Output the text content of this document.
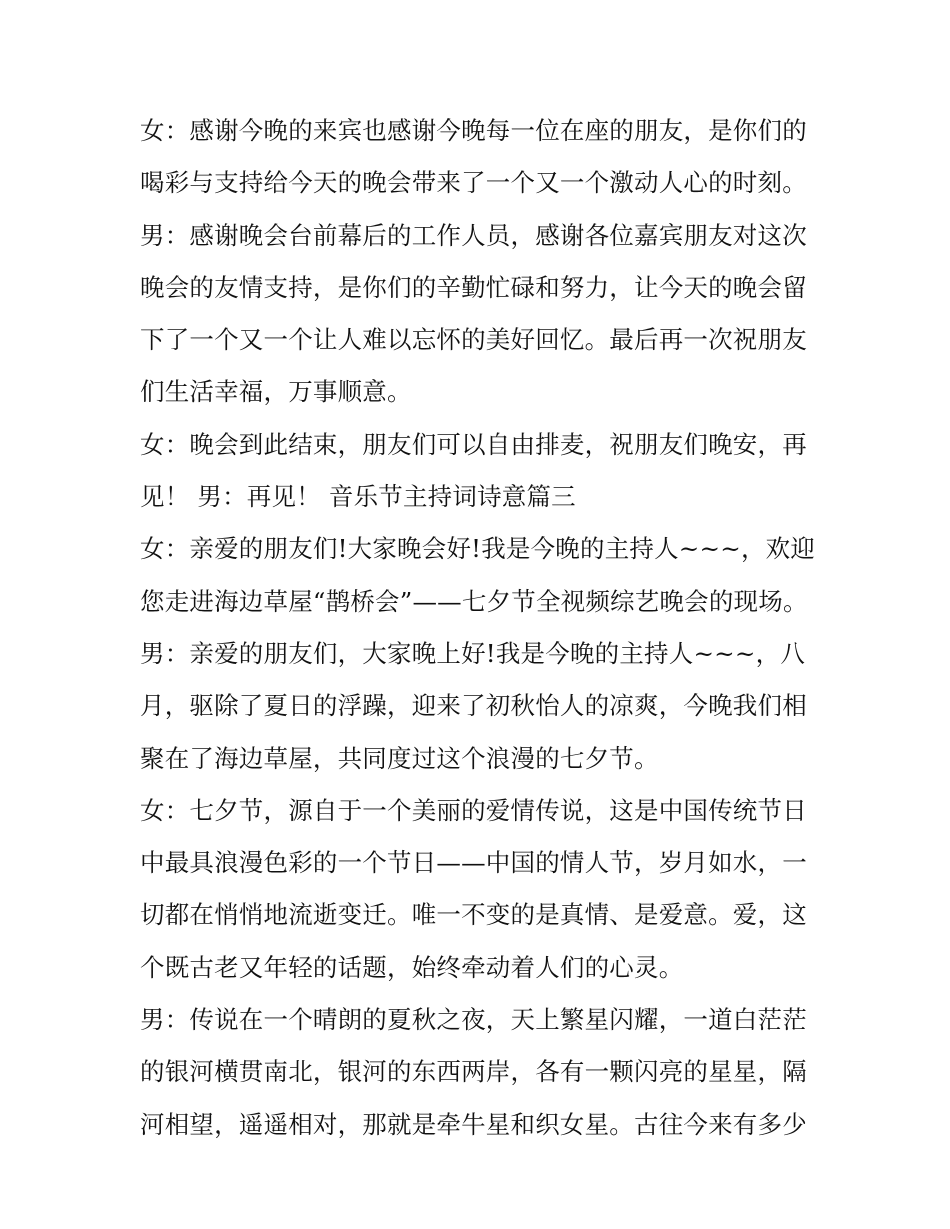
女：感谢今晚的来宾也感谢今晚每一位在座的朋友，是你们的
喝彩与支持给今天的晚会带来了一个又一个激动人心的时刻。
男：感谢晚会台前幕后的工作人员，感谢各位嘉宾朋友对这次
晚会的友情支持，是你们的辛勤忙碌和努力，让今天的晚会留
下了一个又一个让人难以忘怀的美好回忆。最后再一次祝朋友
们生活幸福，万事顺意。
女：晚会到此结束，朋友们可以自由排麦，祝朋友们晚安，再
见！ 男：再见！ 音乐节主持词诗意篇三
女：亲爱的朋友们!大家晚会好!我是今晚的主持人~~~，欢迎
您走进海边草屋“鹊桥会”——七夕节全视频综艺晚会的现场。
男：亲爱的朋友们，大家晚上好!我是今晚的主持人~~~，八
月，驱除了夏日的浮躁，迎来了初秋怡人的凉爽，今晚我们相
聚在了海边草屋，共同度过这个浪漫的七夕节。
女：七夕节，源自于一个美丽的爱情传说，这是中国传统节日
中最具浪漫色彩的一个节日——中国的情人节，岁月如水，一
切都在悄悄地流逝变迁。唯一不变的是真情、是爱意。爱，这
个既古老又年轻的话题，始终牵动着人们的心灵。
男：传说在一个晴朗的夏秋之夜，天上繁星闪耀，一道白茫茫
的银河横贯南北，银河的东西两岸，各有一颗闪亮的星星，隔
河相望，遥遥相对，那就是牵牛星和织女星。古往今来有多少
